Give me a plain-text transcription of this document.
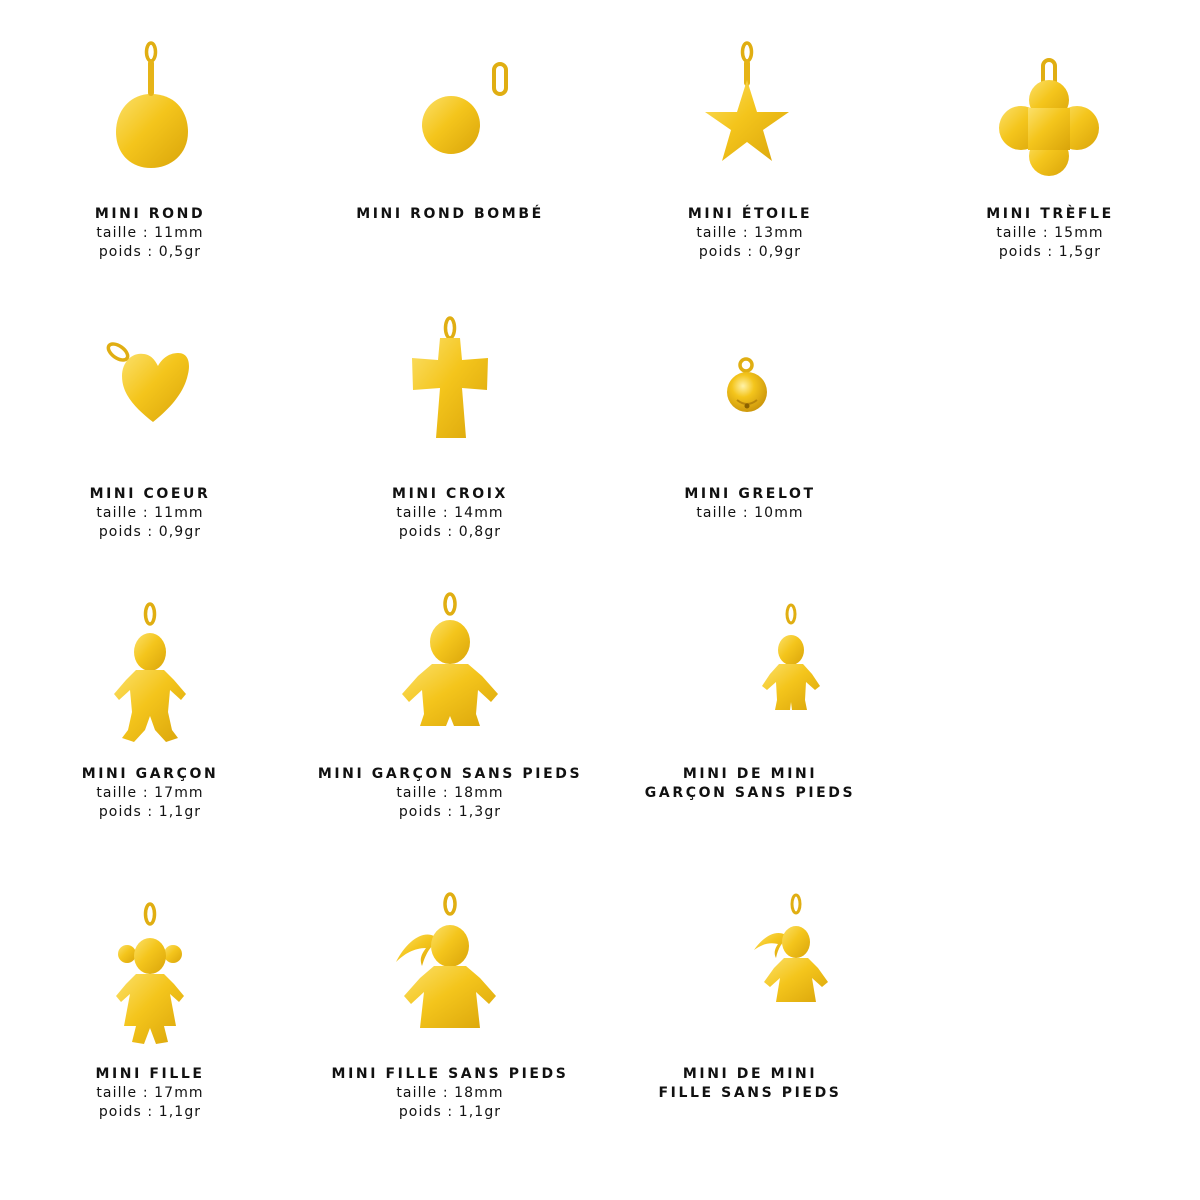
MINI ROND
taille : 11mm
poids : 0,5gr
MINI ROND BOMBÉ	MINI ÉTOILE
taille : 13mm
poids : 0,9gr
MINI TRÈFLE
taille : 15mm
poids : 1,5gr
MINI COEUR
taille : 11mm
poids : 0,9gr
MINI CROIX
taille : 14mm
poids : 0,8gr
MINI GRELOT
taille : 10mm
MINI GARÇON
taille : 17mm
poids : 1,1gr
MINI GARÇON SANS PIEDS
taille : 18mm
poids : 1,3gr
MINI DE MINI
GARÇON SANS PIEDS
MINI FILLE
taille : 17mm
poids : 1,1gr
MINI FILLE SANS PIEDS
taille : 18mm
poids : 1,1gr
MINI DE MINI
FILLE SANS PIEDS
